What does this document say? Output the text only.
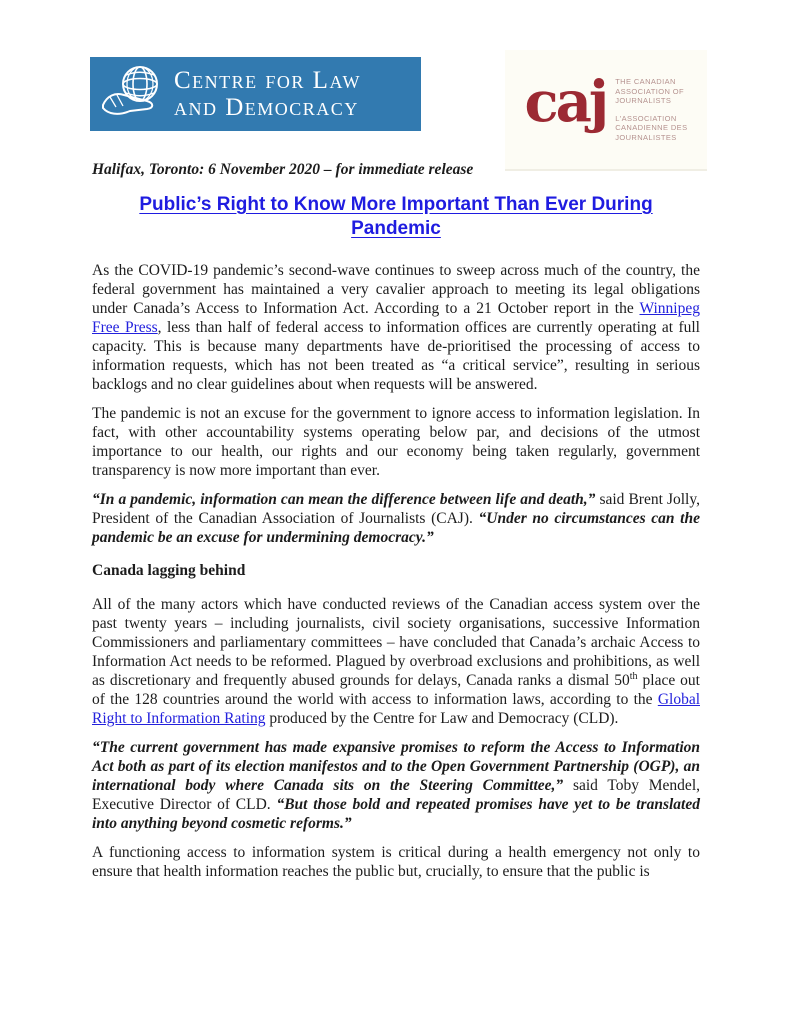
Centre for Law
and Democracy	caj THE CANADIAN
ASSOCIATION OF
JOURNALISTS
L'ASSOCIATION
CANADIENNE DES
JOURNALISTES

Halifax, Toronto: 6 November 2020 – for immediate release

Public’s Right to Know More Important Than Ever During Pandemic

As the COVID-19 pandemic’s second-wave continues to sweep across much of the country, the federal government has maintained a very cavalier approach to meeting its legal obligations under Canada’s Access to Information Act. According to a 21 October report in the Winnipeg Free Press, less than half of federal access to information offices are currently operating at full capacity. This is because many departments have de-prioritised the processing of access to information requests, which has not been treated as “a critical service”, resulting in serious backlogs and no clear guidelines about when requests will be answered.

The pandemic is not an excuse for the government to ignore access to information legislation. In fact, with other accountability systems operating below par, and decisions of the utmost importance to our health, our rights and our economy being taken regularly, government transparency is now more important than ever.

“In a pandemic, information can mean the difference between life and death,” said Brent Jolly, President of the Canadian Association of Journalists (CAJ). “Under no circumstances can the pandemic be an excuse for undermining democracy.”

Canada lagging behind

All of the many actors which have conducted reviews of the Canadian access system over the past twenty years – including journalists, civil society organisations, successive Information Commissioners and parliamentary committees – have concluded that Canada’s archaic Access to Information Act needs to be reformed. Plagued by overbroad exclusions and prohibitions, as well as discretionary and frequently abused grounds for delays, Canada ranks a dismal 50th place out of the 128 countries around the world with access to information laws, according to the Global Right to Information Rating produced by the Centre for Law and Democracy (CLD).

“The current government has made expansive promises to reform the Access to Information Act both as part of its election manifestos and to the Open Government Partnership (OGP), an international body where Canada sits on the Steering Committee,” said Toby Mendel, Executive Director of CLD. “But those bold and repeated promises have yet to be translated into anything beyond cosmetic reforms.”

A functioning access to information system is critical during a health emergency not only to ensure that health information reaches the public but, crucially, to ensure that the public is
